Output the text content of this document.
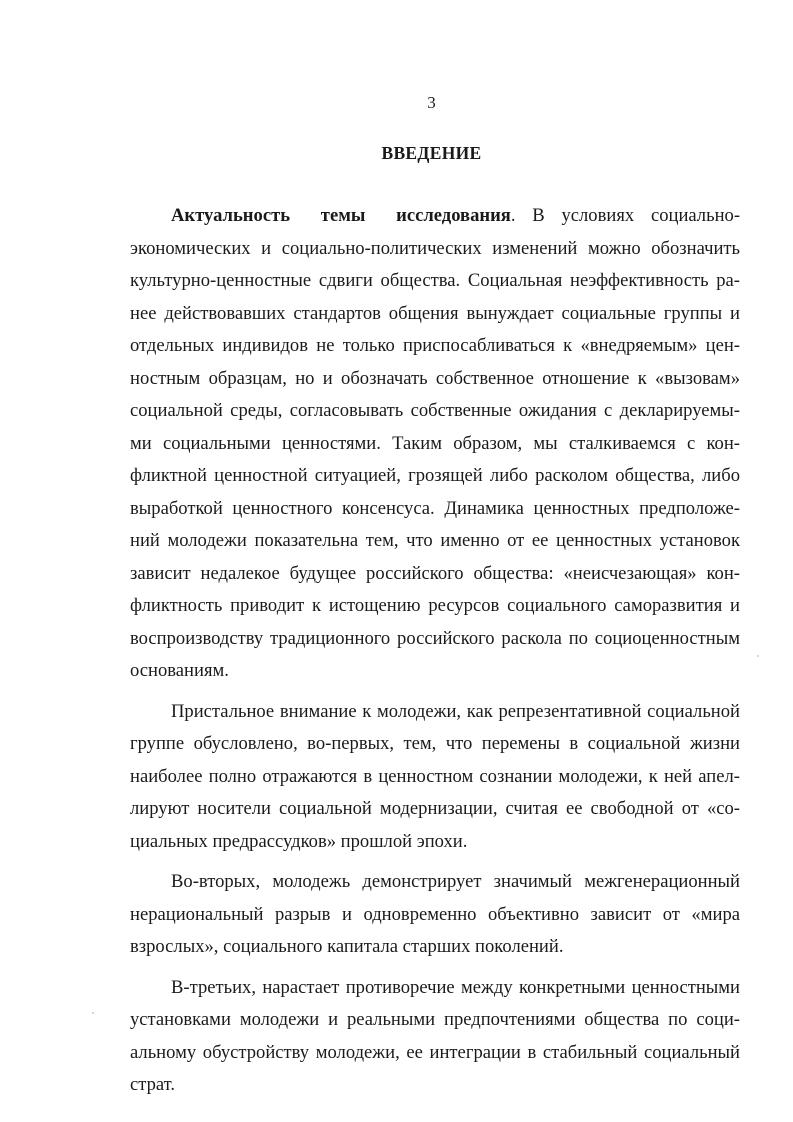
3
ВВЕДЕНИЕ

Актуальность темы исследования. В условиях социально-
экономических и социально-политических изменений можно обозначить
культурно-ценностные сдвиги общества. Социальная неэффективность ра-
нее действовавших стандартов общения вынуждает социальные группы и
отдельных индивидов не только приспосабливаться к «внедряемым» цен-
ностным образцам, но и обозначать собственное отношение к «вызовам»
социальной среды, согласовывать собственные ожидания с декларируемы-
ми социальными ценностями. Таким образом, мы сталкиваемся с кон-
фликтной ценностной ситуацией, грозящей либо расколом общества, либо
выработкой ценностного консенсуса. Динамика ценностных предположе-
ний молодежи показательна тем, что именно от ее ценностных установок
зависит недалекое будущее российского общества: «неисчезающая» кон-
фликтность приводит к истощению ресурсов социального саморазвития и
воспроизводству традиционного российского раскола по социоценностным
основаниям.

Пристальное внимание к молодежи, как репрезентативной социальной
группе обусловлено, во-первых, тем, что перемены в социальной жизни
наиболее полно отражаются в ценностном сознании молодежи, к ней апел-
лируют носители социальной модернизации, считая ее свободной от «со-
циальных предрассудков» прошлой эпохи.

Во-вторых, молодежь демонстрирует значимый межгенерационный
нерациональный разрыв и одновременно объективно зависит от «мира
взрослых», социального капитала старших поколений.

В-третьих, нарастает противоречие между конкретными ценностными
установками молодежи и реальными предпочтениями общества по соци-
альному обустройству молодежи, ее интеграции в стабильный социальный
страт.
